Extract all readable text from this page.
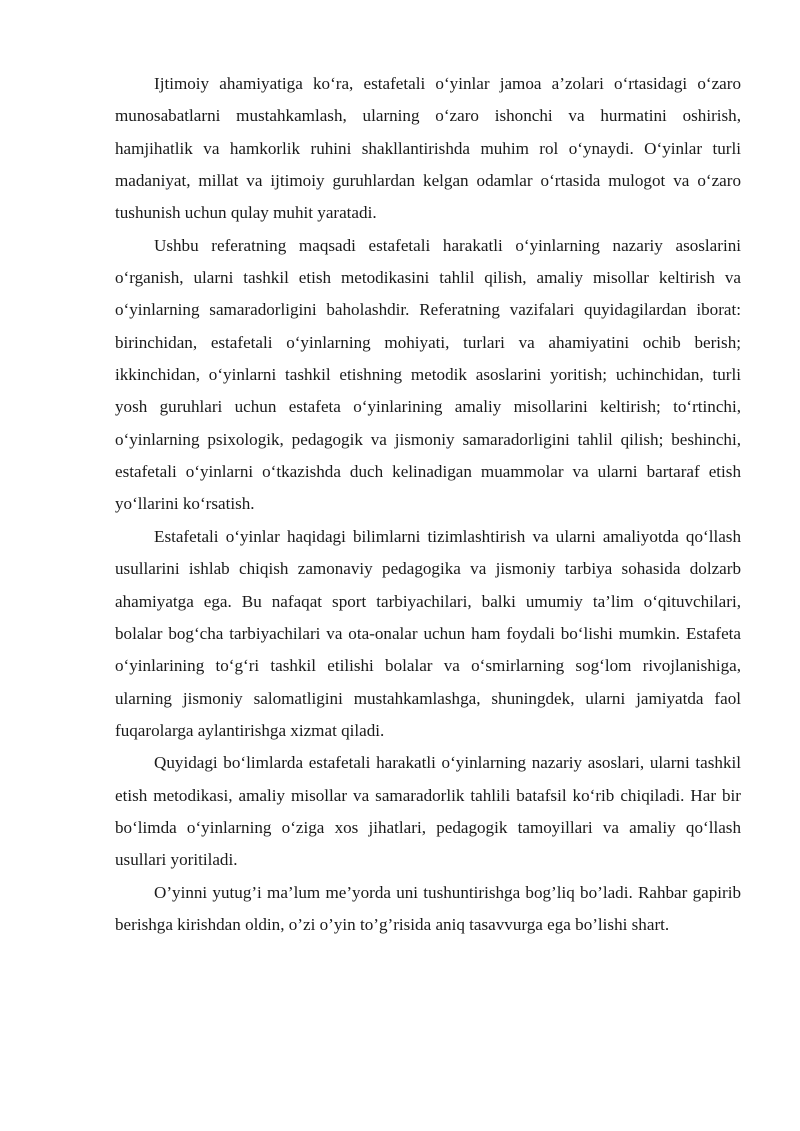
Ijtimoiy ahamiyatiga ko‘ra, estafetali o‘yinlar jamoa a’zolari o‘rtasidagi o‘zaro munosabatlarni mustahkamlash, ularning o‘zaro ishonchi va hurmatini oshirish, hamjihatlik va hamkorlik ruhini shakllantirishda muhim rol o‘ynaydi. O‘yinlar turli madaniyat, millat va ijtimoiy guruhlardan kelgan odamlar o‘rtasida mulogot va o‘zaro tushunish uchun qulay muhit yaratadi.

Ushbu referatning maqsadi estafetali harakatli o‘yinlarning nazariy asoslarini o‘rganish, ularni tashkil etish metodikasini tahlil qilish, amaliy misollar keltirish va o‘yinlarning samaradorligini baholashdir. Referatning vazifalari quyidagilardan iborat: birinchidan, estafetali o‘yinlarning mohiyati, turlari va ahamiyatini ochib berish; ikkinchidan, o‘yinlarni tashkil etishning metodik asoslarini yoritish; uchinchidan, turli yosh guruhlari uchun estafeta o‘yinlarining amaliy misollarini keltirish; to‘rtinchi, o‘yinlarning psixologik, pedagogik va jismoniy samaradorligini tahlil qilish; beshinchi, estafetali o‘yinlarni o‘tkazishda duch kelinadigan muammolar va ularni bartaraf etish yo‘llarini ko‘rsatish.

Estafetali o‘yinlar haqidagi bilimlarni tizimlashtirish va ularni amaliyotda qo‘llash usullarini ishlab chiqish zamonaviy pedagogika va jismoniy tarbiya sohasida dolzarb ahamiyatga ega. Bu nafaqat sport tarbiyachilari, balki umumiy ta’lim o‘qituvchilari, bolalar bog‘cha tarbiyachilari va ota-onalar uchun ham foydali bo‘lishi mumkin. Estafeta o‘yinlarining to‘g‘ri tashkil etilishi bolalar va o‘smirlarning sog‘lom rivojlanishiga, ularning jismoniy salomatligini mustahkamlashga, shuningdek, ularni jamiyatda faol fuqarolarga aylantirishga xizmat qiladi.

Quyidagi bo‘limlarda estafetali harakatli o‘yinlarning nazariy asoslari, ularni tashkil etish metodikasi, amaliy misollar va samaradorlik tahlili batafsil ko‘rib chiqiladi. Har bir bo‘limda o‘yinlarning o‘ziga xos jihatlari, pedagogik tamoyillari va amaliy qo‘llash usullari yoritiladi.

O’yinni yutug’i ma’lum me’yorda uni tushuntirishga bog’liq bo’ladi. Rahbar gapirib berishga kirishdan oldin, o’zi o’yin to’g’risida aniq tasavvurga ega bo’lishi shart.
